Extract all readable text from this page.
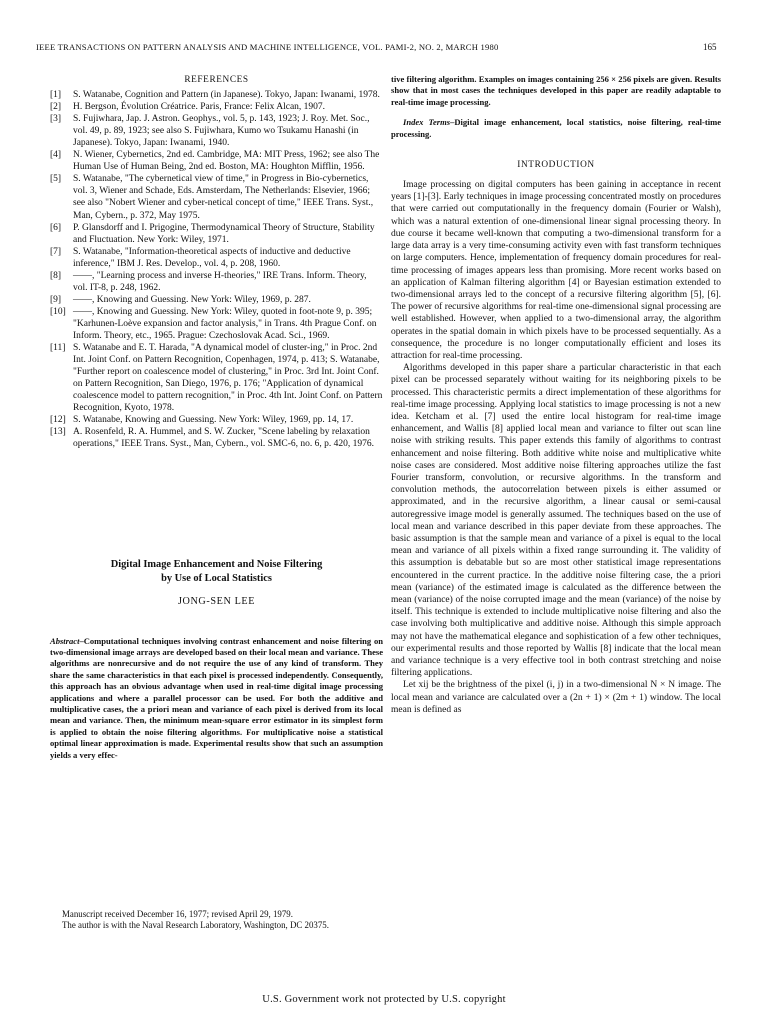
IEEE TRANSACTIONS ON PATTERN ANALYSIS AND MACHINE INTELLIGENCE, VOL. PAMI-2, NO. 2, MARCH 1980	165
REFERENCES
[1]	S. Watanabe, Cognition and Pattern (in Japanese). Tokyo, Japan: Iwanami, 1978.
[2]	H. Bergson, Évolution Créatrice. Paris, France: Felix Alcan, 1907.
[3]	S. Fujiwhara, Jap. J. Astron. Geophys., vol. 5, p. 143, 1923; J. Roy. Met. Soc., vol. 49, p. 89, 1923; see also S. Fujiwhara, Kumo wo Tsukamu Hanashi (in Japanese). Tokyo, Japan: Iwanami, 1940.
[4]	N. Wiener, Cybernetics, 2nd ed. Cambridge, MA: MIT Press, 1962; see also The Human Use of Human Being, 2nd ed. Boston, MA: Houghton Mifflin, 1956.
[5]	S. Watanabe, "The cybernetical view of time," in Progress in Bio-cybernetics, vol. 3, Wiener and Schade, Eds. Amsterdam, The Netherlands: Elsevier, 1966; see also "Nobert Wiener and cyber-netical concept of time," IEEE Trans. Syst., Man, Cybern., p. 372, May 1975.
[6]	P. Glansdorff and I. Prigogine, Thermodynamical Theory of Structure, Stability and Fluctuation. New York: Wiley, 1971.
[7]	S. Watanabe, "Information-theoretical aspects of inductive and deductive inference," IBM J. Res. Develop., vol. 4, p. 208, 1960.
[8]	——, "Learning process and inverse H-theories," IRE Trans. Inform. Theory, vol. IT-8, p. 248, 1962.
[9]	——, Knowing and Guessing. New York: Wiley, 1969, p. 287.
[10] ——, Knowing and Guessing. New York: Wiley, quoted in foot-note 9, p. 395; "Karhunen-Loève expansion and factor analysis," in Trans. 4th Prague Conf. on Inform. Theory, etc., 1965. Prague: Czechoslovak Acad. Sci., 1969.
[11] S. Watanabe and E. T. Harada, "A dynamical model of cluster-ing," in Proc. 2nd Int. Joint Conf. on Pattern Recognition, Copenhagen, 1974, p. 413; S. Watanabe, "Further report on coalescence model of clustering," in Proc. 3rd Int. Joint Conf. on Pattern Recognition, San Diego, 1976, p. 176; "Application of dynamical coalescence model to pattern recognition," in Proc. 4th Int. Joint Conf. on Pattern Recognition, Kyoto, 1978.
[12] S. Watanabe, Knowing and Guessing. New York: Wiley, 1969, pp. 14, 17.
[13] A. Rosenfeld, R. A. Hummel, and S. W. Zucker, "Scene labeling by relaxation operations," IEEE Trans. Syst., Man, Cybern., vol. SMC-6, no. 6, p. 420, 1976.
Digital Image Enhancement and Noise Filtering
by Use of Local Statistics
JONG-SEN LEE
Abstract–Computational techniques involving contrast enhancement and noise filtering on two-dimensional image arrays are developed based on their local mean and variance. These algorithms are nonrecursive and do not require the use of any kind of transform. They share the same characteristics in that each pixel is processed independently. Consequently, this approach has an obvious advantage when used in real-time digital image processing applications and where a parallel processor can be used. For both the additive and multiplicative cases, the a priori mean and variance of each pixel is derived from its local mean and variance. Then, the minimum mean-square error estimator in its simplest form is applied to obtain the noise filtering algorithms. For multiplicative noise a statistical optimal linear approximation is made. Experimental results show that such an assumption yields a very effec-

Manuscript received December 16, 1977; revised April 29, 1979.

The author is with the Naval Research Laboratory, Washington, DC 20375.

tive filtering algorithm. Examples on images containing 256 × 256 pixels are given. Results show that in most cases the techniques developed in this paper are readily adaptable to real-time image processing.
Index Terms–Digital image enhancement, local statistics, noise filtering, real-time processing.
INTRODUCTION

Image processing on digital computers has been gaining in acceptance in recent years [1]-[3]. Early techniques in image processing concentrated mostly on procedures that were carried out computationally in the frequency domain (Fourier or Walsh), which was a natural extention of one-dimensional linear signal processing theory. In due course it became well-known that computing a two-dimensional transform for a large data array is a very time-consuming activity even with fast transform techniques on large computers. Hence, implementation of frequency domain procedures for real-time processing of images appears less than promising. More recent works based on an application of Kalman filtering algorithm [4] or Bayesian estimation extended to two-dimensional arrays led to the concept of a recursive filtering algorithm [5], [6]. The power of recursive algorithms for real-time one-dimensional signal processing are well established. However, when applied to a two-dimensional array, the algorithm operates in the spatial domain in which pixels have to be processed sequentially. As a consequence, the procedure is no longer computationally efficient and loses its attraction for real-time processing.

Algorithms developed in this paper share a particular characteristic in that each pixel can be processed separately without waiting for its neighboring pixels to be processed. This characteristic permits a direct implementation of these algorithms for real-time image processing. Applying local statistics to image processing is not a new idea. Ketcham et al. [7] used the entire local histogram for real-time image enhancement, and Wallis [8] applied local mean and variance to filter out scan line noise with striking results. This paper extends this family of algorithms to contrast enhancement and noise filtering. Both additive white noise and multiplicative white noise cases are considered. Most additive noise filtering approaches utilize the fast Fourier transform, convolution, or recursive algorithms. In the transform and convolution methods, the autocorrelation between pixels is either assumed or approximated, and in the recursive algorithm, a linear causal or semi-causal autoregressive image model is generally assumed. The techniques based on the use of local mean and variance described in this paper deviate from these approaches. The basic assumption is that the sample mean and variance of a pixel is equal to the local mean and variance of all pixels within a fixed range surrounding it. The validity of this assumption is debatable but so are most other statistical image representations encountered in the current practice. In the additive noise filtering case, the a priori mean (variance) of the estimated image is calculated as the difference between the mean (variance) of the noise corrupted image and the mean (variance) of the noise by itself. This technique is extended to include multiplicative noise filtering and also the case involving both multiplicative and additive noise. Although this simple approach may not have the mathematical elegance and sophistication of a few other techniques, our experimental results and those reported by Wallis [8] indicate that the local mean and variance technique is a very effective tool in both contrast stretching and noise filtering applications.

Let xij be the brightness of the pixel (i, j) in a two-dimensional N × N image. The local mean and variance are calculated over a (2n + 1) × (2m + 1) window. The local mean is defined as

U.S. Government work not protected by U.S. copyright
